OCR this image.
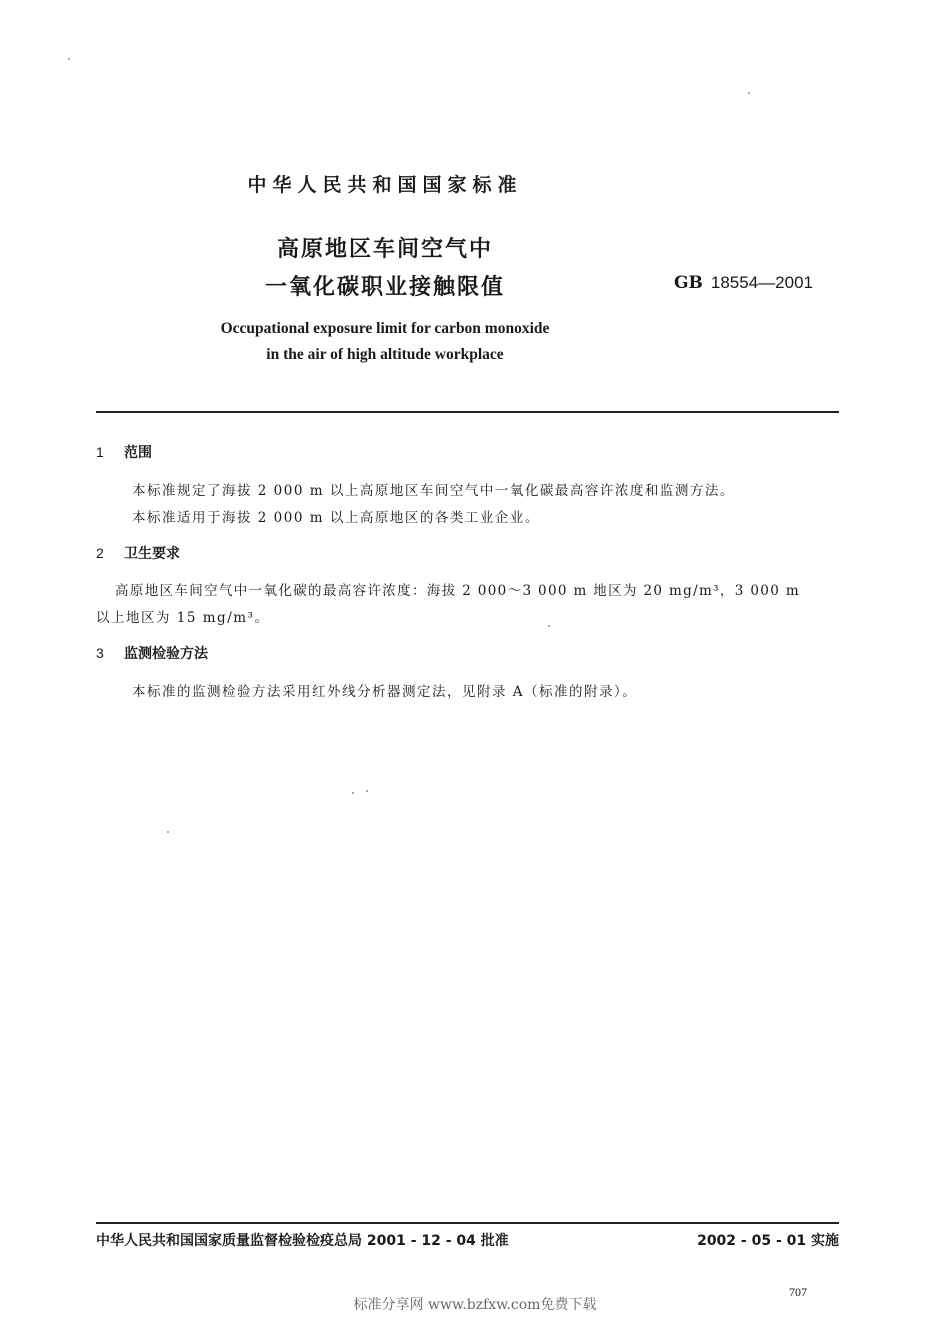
中华人民共和国国家标准
高原地区车间空气中
一氧化碳职业接触限值	GB 18554—2001
Occupational exposure limit for carbon monoxide
in the air of high altitude workplace
1 范围
本标准规定了海拔 2 000 m 以上高原地区车间空气中一氧化碳最高容许浓度和监测方法。
本标准适用于海拔 2 000 m 以上高原地区的各类工业企业。
2 卫生要求
高原地区车间空气中一氧化碳的最高容许浓度：海拔 2 000～3 000 m 地区为 20 mg/m³，3 000 m
以上地区为 15 mg/m³。
3 监测检验方法
本标准的监测检验方法采用红外线分析器测定法，见附录 A（标准的附录）。
中华人民共和国国家质量监督检验检疫总局 2001 - 12 - 04 批准	2002 - 05 - 01 实施
707
标准分享网 www.bzfxw.com免费下载
